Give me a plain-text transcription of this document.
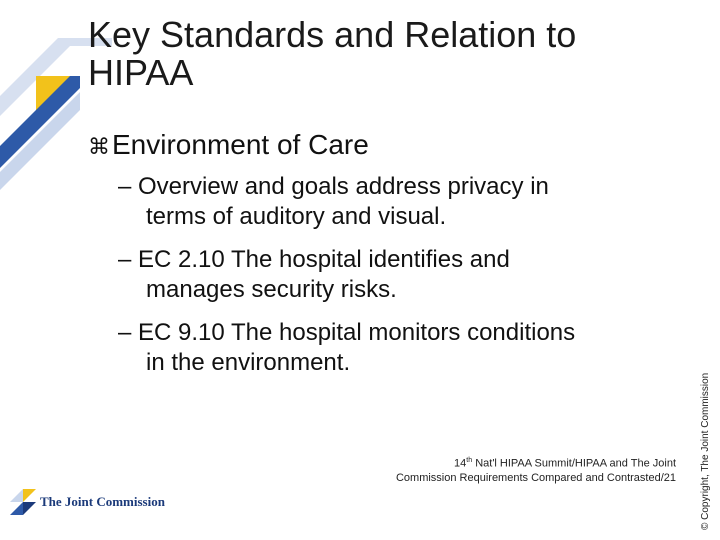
Key Standards and Relation to
HIPAA
⌘Environment of Care
– Overview and goals address privacy in
terms of auditory and visual.
– EC 2.10 The hospital identifies and
manages security risks.
– EC 9.10 The hospital monitors conditions
in the environment.
The Joint Commission
14th Nat'l HIPAA Summit/HIPAA and The Joint
Commission Requirements Compared and Contrasted/21 © Copyright, The Joint Commission
